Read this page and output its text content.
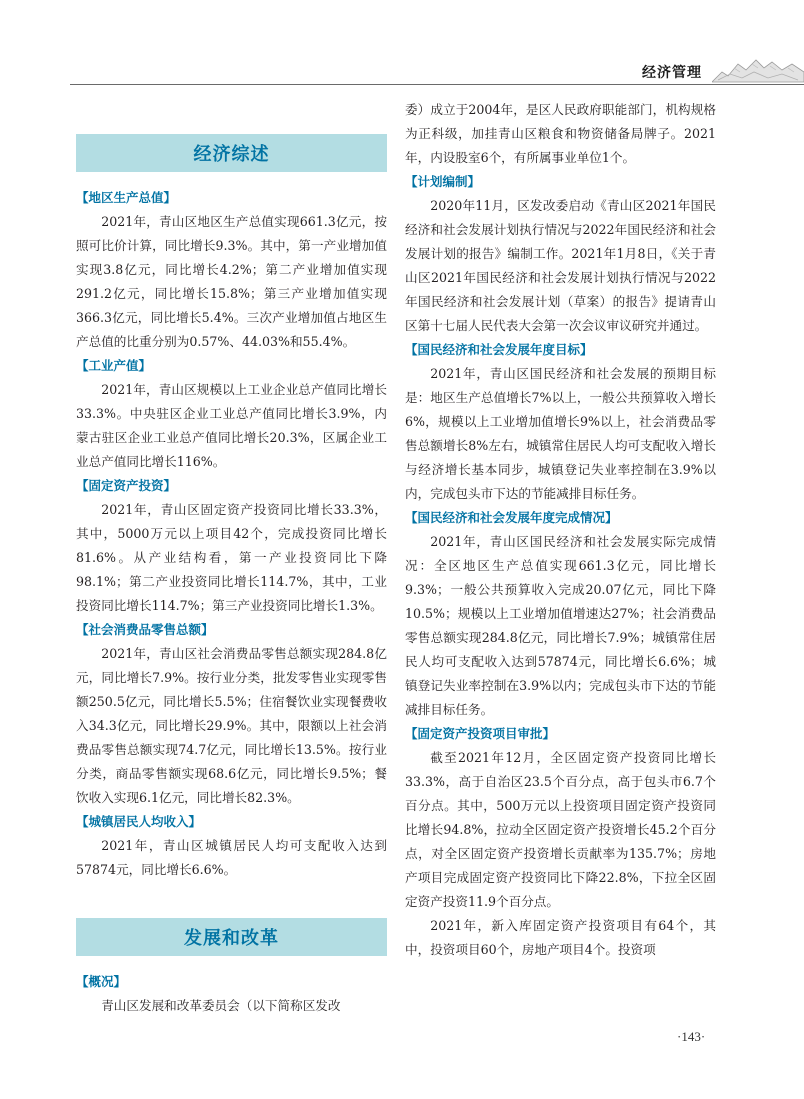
经济管理
经济综述
【地区生产总值】

2021年，青山区地区生产总值实现661.3亿元，按照可比价计算，同比增长9.3%。其中，第一产业增加值实现3.8亿元，同比增长4.2%；第二产业增加值实现291.2亿元，同比增长15.8%；第三产业增加值实现366.3亿元，同比增长5.4%。三次产业增加值占地区生产总值的比重分别为0.57%、44.03%和55.4%。

【工业产值】

2021年，青山区规模以上工业企业总产值同比增长33.3%。中央驻区企业工业总产值同比增长3.9%，内蒙古驻区企业工业总产值同比增长20.3%，区属企业工业总产值同比增长116%。

【固定资产投资】

2021年，青山区固定资产投资同比增长33.3%，其中，5000万元以上项目42个，完成投资同比增长81.6%。从产业结构看，第一产业投资同比下降98.1%；第二产业投资同比增长114.7%，其中，工业投资同比增长114.7%；第三产业投资同比增长1.3%。

【社会消费品零售总额】

2021年，青山区社会消费品零售总额实现284.8亿元，同比增长7.9%。按行业分类，批发零售业实现零售额250.5亿元，同比增长5.5%；住宿餐饮业实现餐费收入34.3亿元，同比增长29.9%。其中，限额以上社会消费品零售总额实现74.7亿元，同比增长13.5%。按行业分类，商品零售额实现68.6亿元，同比增长9.5%；餐饮收入实现6.1亿元，同比增长82.3%。

【城镇居民人均收入】

2021年，青山区城镇居民人均可支配收入达到57874元，同比增长6.6%。

发展和改革
【概况】

青山区发展和改革委员会（以下简称区发改

委）成立于2004年，是区人民政府职能部门，机构规格为正科级，加挂青山区粮食和物资储备局牌子。2021年，内设股室6个，有所属事业单位1个。

【计划编制】

2020年11月，区发改委启动《青山区2021年国民经济和社会发展计划执行情况与2022年国民经济和社会发展计划的报告》编制工作。2021年1月8日，《关于青山区2021年国民经济和社会发展计划执行情况与2022年国民经济和社会发展计划（草案）的报告》提请青山区第十七届人民代表大会第一次会议审议研究并通过。

【国民经济和社会发展年度目标】

2021年，青山区国民经济和社会发展的预期目标是：地区生产总值增长7%以上，一般公共预算收入增长6%，规模以上工业增加值增长9%以上，社会消费品零售总额增长8%左右，城镇常住居民人均可支配收入增长与经济增长基本同步，城镇登记失业率控制在3.9%以内，完成包头市下达的节能减排目标任务。

【国民经济和社会发展年度完成情况】

2021年，青山区国民经济和社会发展实际完成情况：全区地区生产总值实现661.3亿元，同比增长9.3%；一般公共预算收入完成20.07亿元，同比下降10.5%；规模以上工业增加值增速达27%；社会消费品零售总额实现284.8亿元，同比增长7.9%；城镇常住居民人均可支配收入达到57874元，同比增长6.6%；城镇登记失业率控制在3.9%以内；完成包头市下达的节能减排目标任务。

【固定资产投资项目审批】

截至2021年12月，全区固定资产投资同比增长33.3%，高于自治区23.5个百分点，高于包头市6.7个百分点。其中，500万元以上投资项目固定资产投资同比增长94.8%，拉动全区固定资产投资增长45.2个百分点，对全区固定资产投资增长贡献率为135.7%；房地产项目完成固定资产投资同比下降22.8%，下拉全区固定资产投资11.9个百分点。

2021年，新入库固定资产投资项目有64个，其中，投资项目60个，房地产项目4个。投资项

·143·
